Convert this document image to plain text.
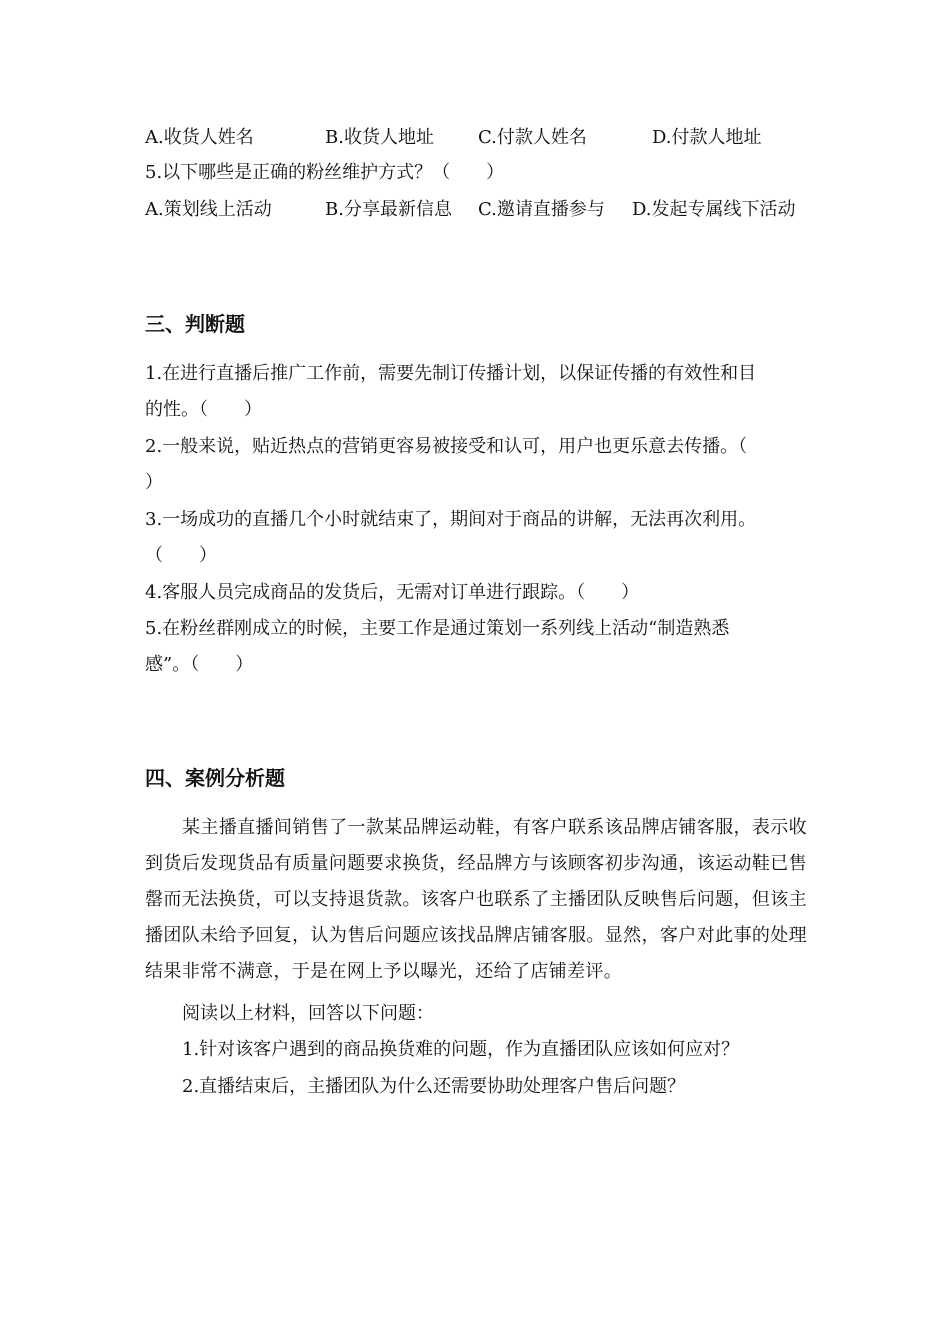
A.收货人姓名	B.收货人地址 C.付款人姓名	D.付款人地址
5.以下哪些是正确的粉丝维护方式？（　　）
A.策划线上活动	B.分享最新信息 C.邀请直播参与 D.发起专属线下活动
三、判断题
1.在进行直播后推广工作前，需要先制订传播计划，以保证传播的有效性和目
的性。（　　）
2.一般来说，贴近热点的营销更容易被接受和认可，用户也更乐意去传播。（
）
3.一场成功的直播几个小时就结束了，期间对于商品的讲解，无法再次利用。
（　　）
4.客服人员完成商品的发货后，无需对订单进行跟踪。（　　）
5.在粉丝群刚成立的时候，主要工作是通过策划一系列线上活动“制造熟悉
感”。（　　）
四、案例分析题
某主播直播间销售了一款某品牌运动鞋，有客户联系该品牌店铺客服，表示收到货后发现货品有质量问题要求换货，经品牌方与该顾客初步沟通，该运动鞋已售罄而无法换货，可以支持退货款。该客户也联系了主播团队反映售后问题，但该主播团队未给予回复，认为售后问题应该找品牌店铺客服。显然，客户对此事的处理结果非常不满意，于是在网上予以曝光，还给了店铺差评。
阅读以上材料，回答以下问题：
1.针对该客户遇到的商品换货难的问题，作为直播团队应该如何应对？
2.直播结束后，主播团队为什么还需要协助处理客户售后问题？
